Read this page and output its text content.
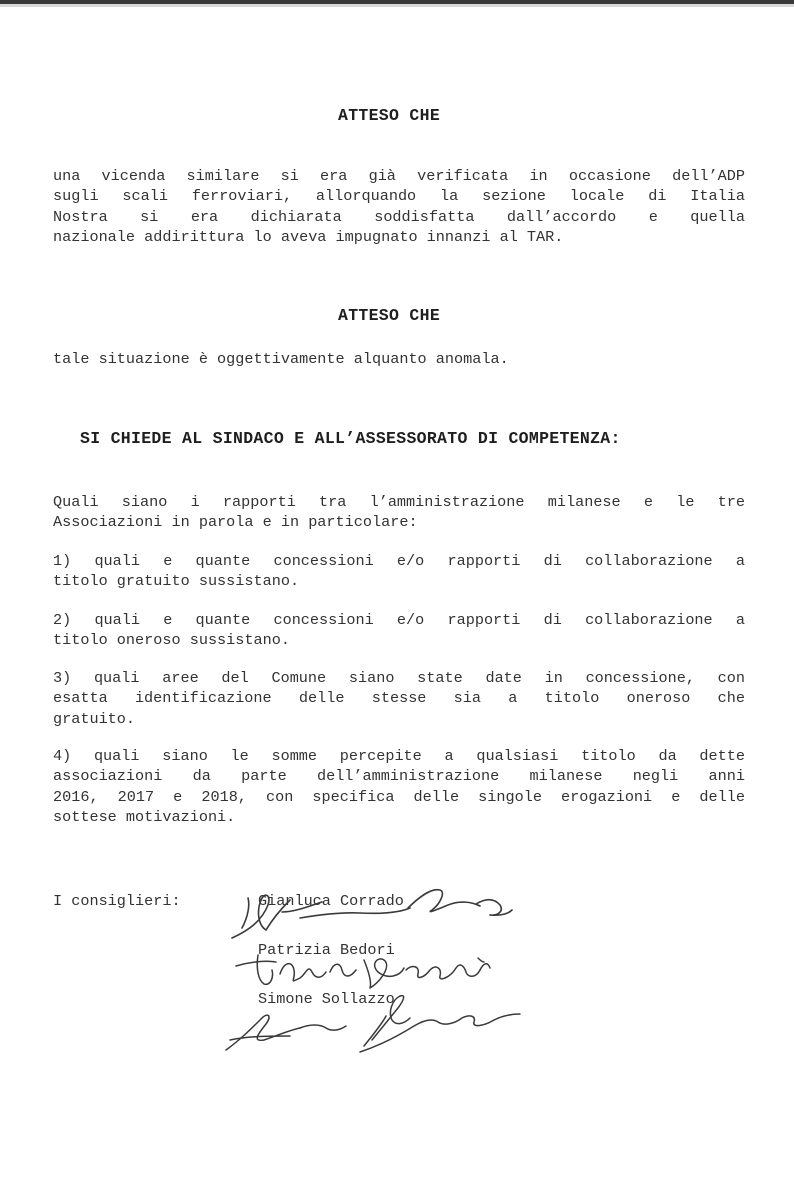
ATTESO CHE
una vicenda similare si era già verificata in occasione dell’ADP
sugli scali ferroviari, allorquando la sezione locale di Italia
Nostra si era dichiarata soddisfatta dall’accordo e quella
nazionale addirittura lo aveva impugnato innanzi al TAR.
ATTESO CHE
tale situazione è oggettivamente alquanto anomala.
SI CHIEDE AL SINDACO E ALL’ASSESSORATO DI COMPETENZA:
Quali siano i rapporti tra l’amministrazione milanese e le tre
Associazioni in parola e in particolare:
1) quali e quante concessioni e/o rapporti di collaborazione a
titolo gratuito sussistano.
2) quali e quante concessioni e/o rapporti di collaborazione a
titolo oneroso sussistano.
3) quali aree del Comune siano state date in concessione, con
esatta identificazione delle stesse sia a titolo oneroso che
gratuito.
4) quali siano le somme percepite a qualsiasi titolo da dette
associazioni da parte dell’amministrazione milanese negli anni
2016, 2017 e 2018, con specifica delle singole erogazioni e delle
sottese motivazioni.
I consiglieri:	Gianluca Corrado
Patrizia Bedori
Simone Sollazzo
